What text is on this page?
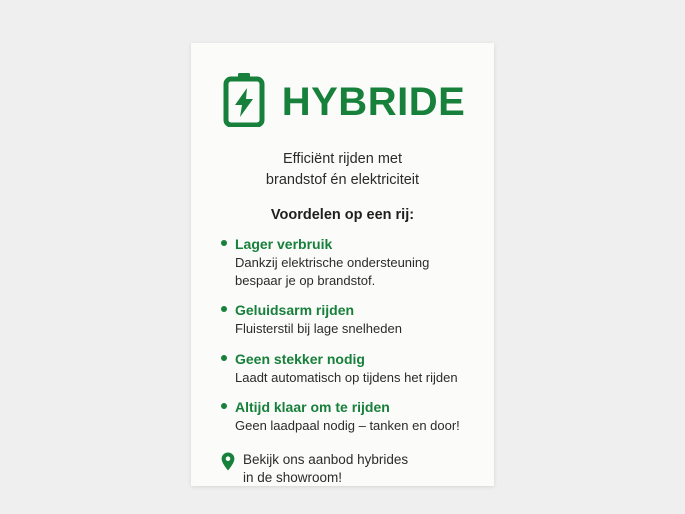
HYBRIDE
Efficiënt rijden met
brandstof én elektriciteit
Voordelen op een rij:
Lager verbruik
Dankzij elektrische ondersteuning
bespaar je op brandstof.
Geluidsarm rijden
Fluisterstil bij lage snelheden
Geen stekker nodig
Laadt automatisch op tijdens het rijden
Altijd klaar om te rijden
Geen laadpaal nodig – tanken en door!
Bekijk ons aanbod hybrides
in de showroom!
